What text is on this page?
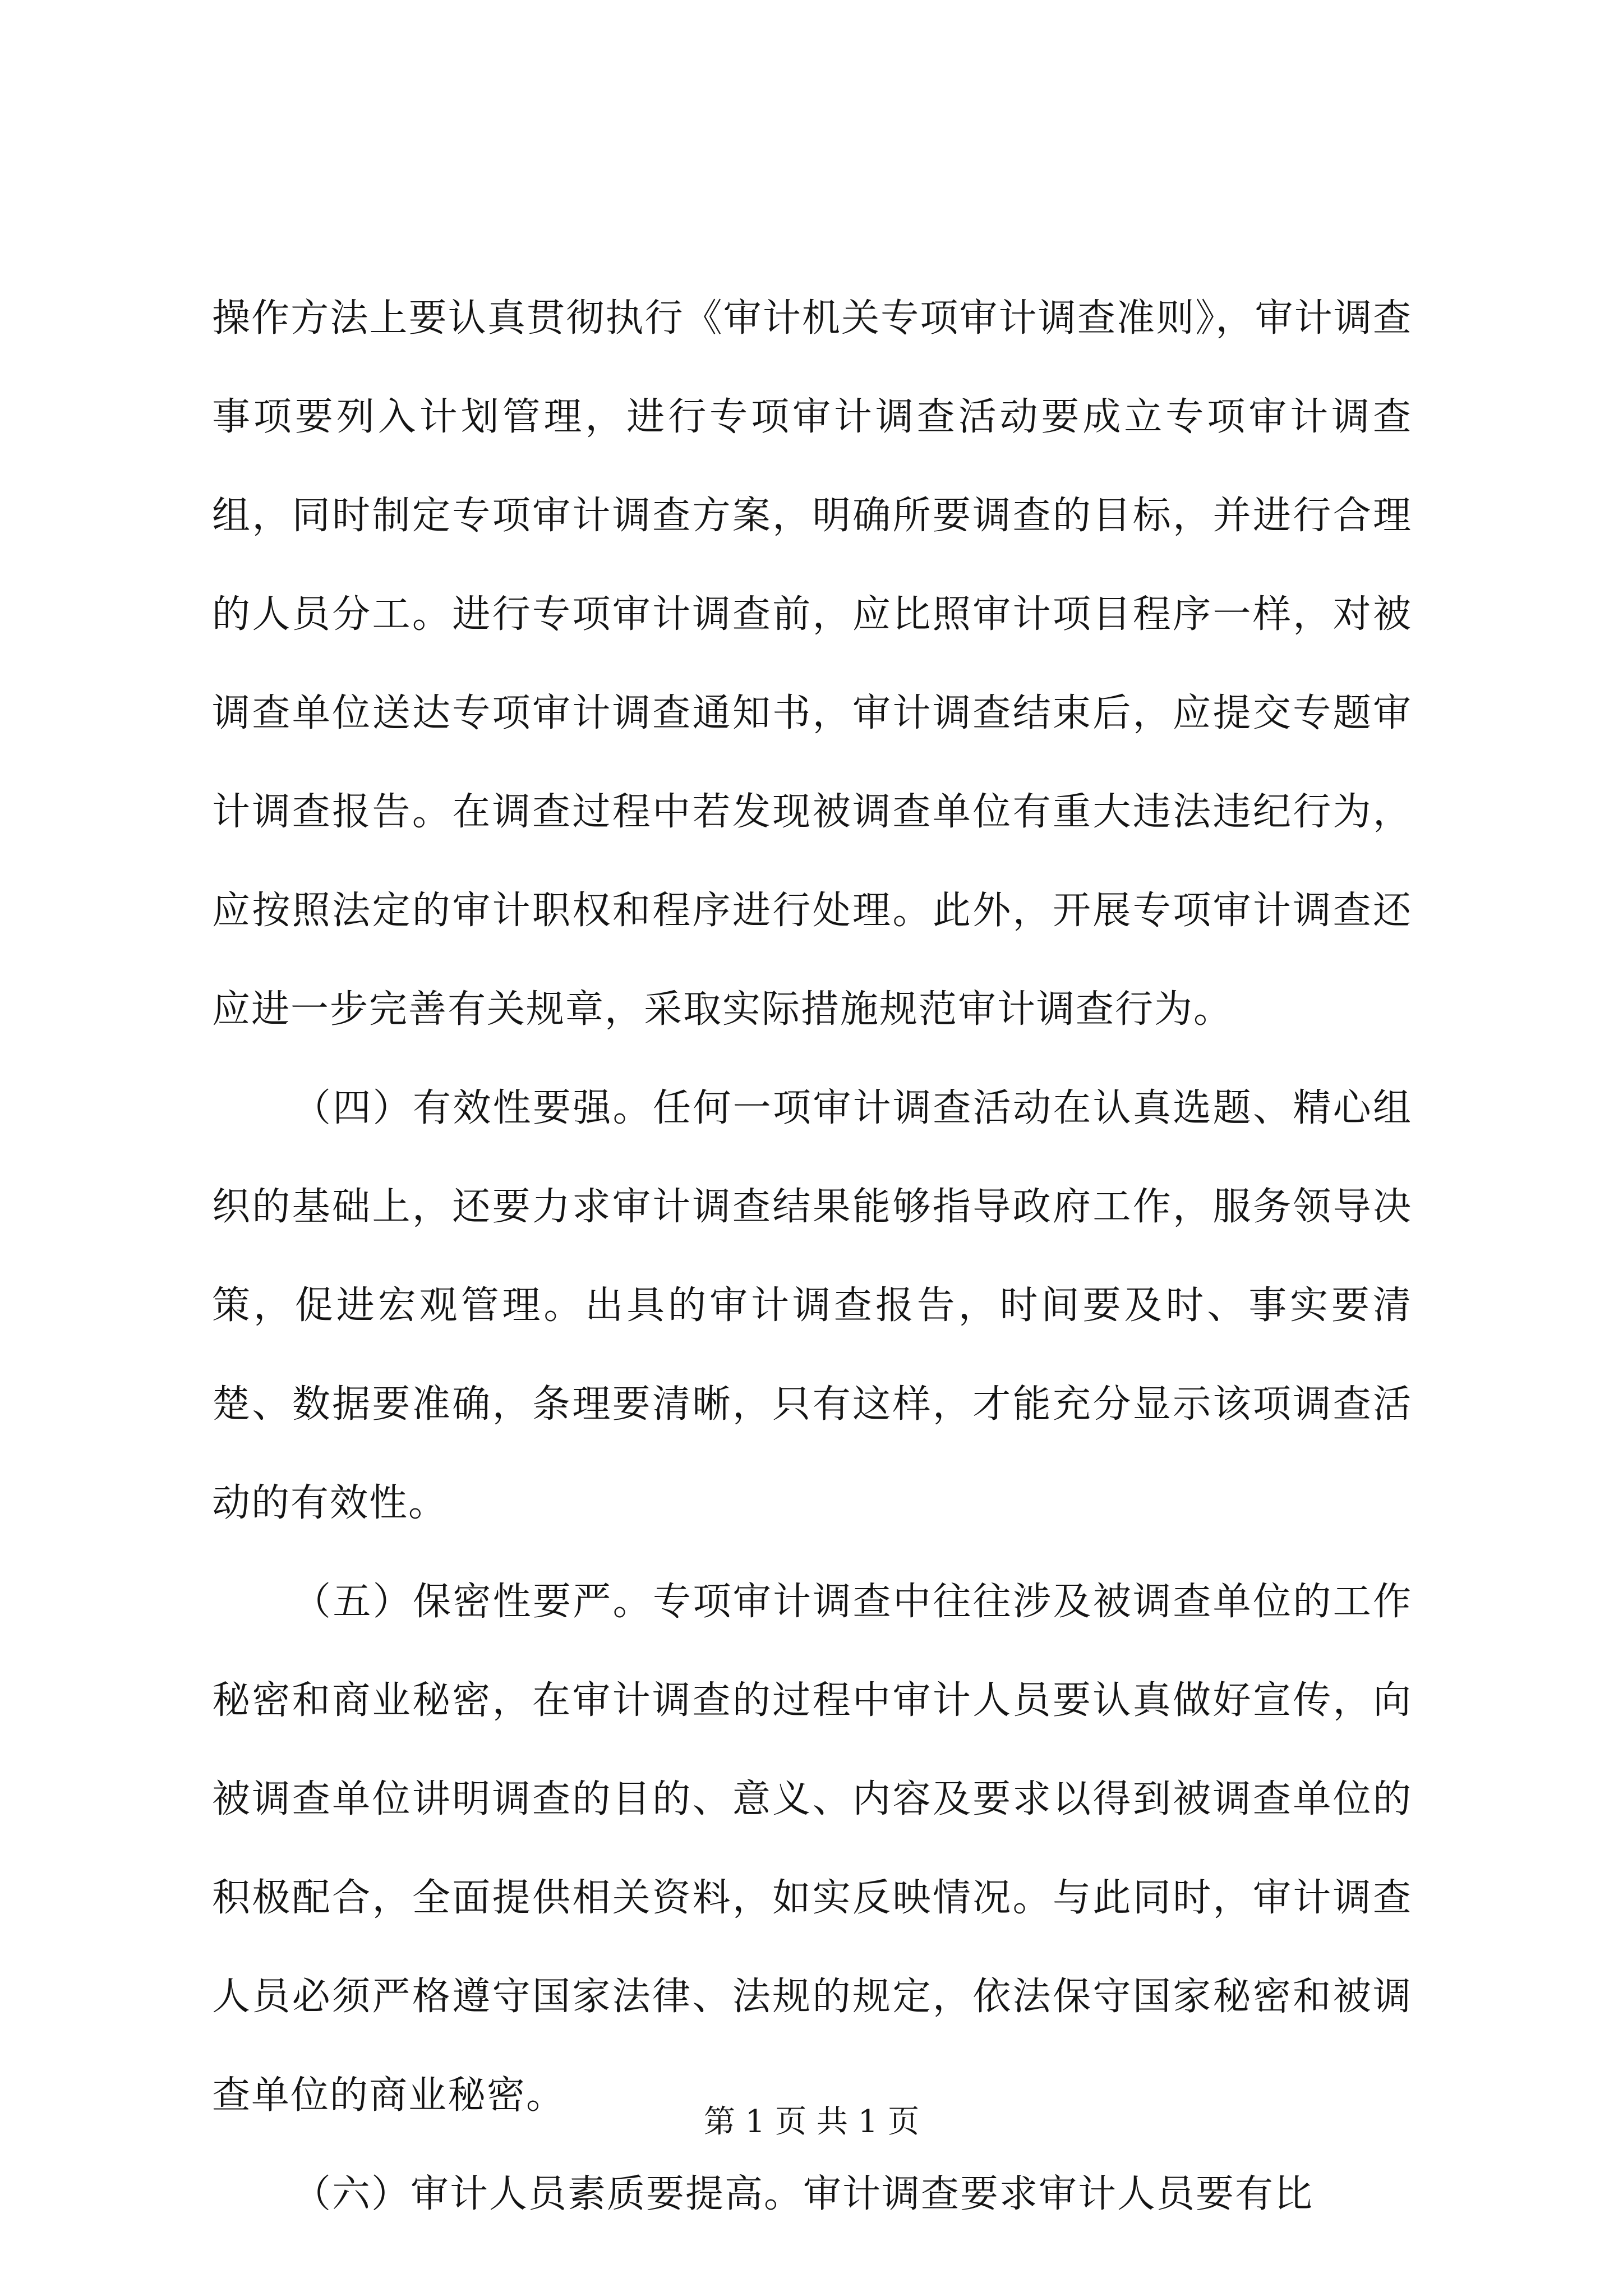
操作方法上要认真贯彻执行《审计机关专项审计调查准则》，审计调查事项要列入计划管理，进行专项审计调查活动要成立专项审计调查组，同时制定专项审计调查方案，明确所要调查的目标，并进行合理的人员分工。进行专项审计调查前，应比照审计项目程序一样，对被调查单位送达专项审计调查通知书，审计调查结束后，应提交专题审计调查报告。在调查过程中若发现被调查单位有重大违法违纪行为，应按照法定的审计职权和程序进行处理。此外，开展专项审计调查还应进一步完善有关规章，采取实际措施规范审计调查行为。

（四）有效性要强。任何一项审计调查活动在认真选题、精心组织的基础上，还要力求审计调查结果能够指导政府工作，服务领导决策，促进宏观管理。出具的审计调查报告，时间要及时、事实要清楚、数据要准确，条理要清晰，只有这样，才能充分显示该项调查活动的有效性。

（五）保密性要严。专项审计调查中往往涉及被调查单位的工作秘密和商业秘密，在审计调查的过程中审计人员要认真做好宣传，向被调查单位讲明调查的目的、意义、内容及要求以得到被调查单位的积极配合，全面提供相关资料，如实反映情况。与此同时，审计调查人员必须严格遵守国家法律、法规的规定，依法保守国家秘密和被调查单位的商业秘密。

（六）审计人员素质要提高。审计调查要求审计人员要有比

第 1 页 共 1 页
